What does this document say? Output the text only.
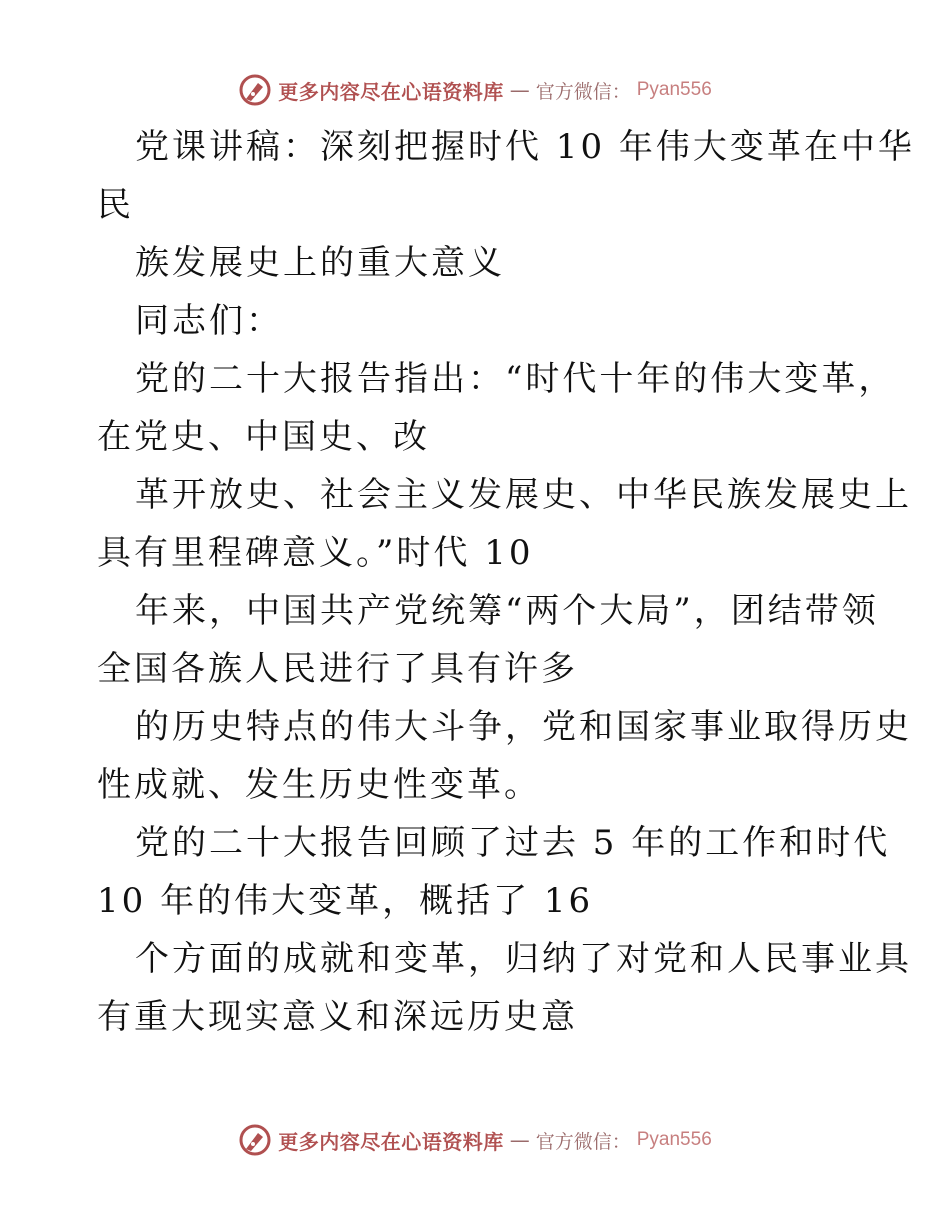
更多内容尽在心语资料库 — 官方微信： Pyan556
党课讲稿：深刻把握时代 10 年伟大变革在中华
民
族发展史上的重大意义
同志们：
党的二十大报告指出：“时代十年的伟大变革，
在党史、中国史、改
革开放史、社会主义发展史、中华民族发展史上
具有里程碑意义。”时代 10
年来，中国共产党统筹“两个大局”，团结带领
全国各族人民进行了具有许多
的历史特点的伟大斗争，党和国家事业取得历史
性成就、发生历史性变革。
党的二十大报告回顾了过去 5 年的工作和时代
10 年的伟大变革，概括了 16
个方面的成就和变革，归纳了对党和人民事业具
有重大现实意义和深远历史意
更多内容尽在心语资料库 — 官方微信： Pyan556
